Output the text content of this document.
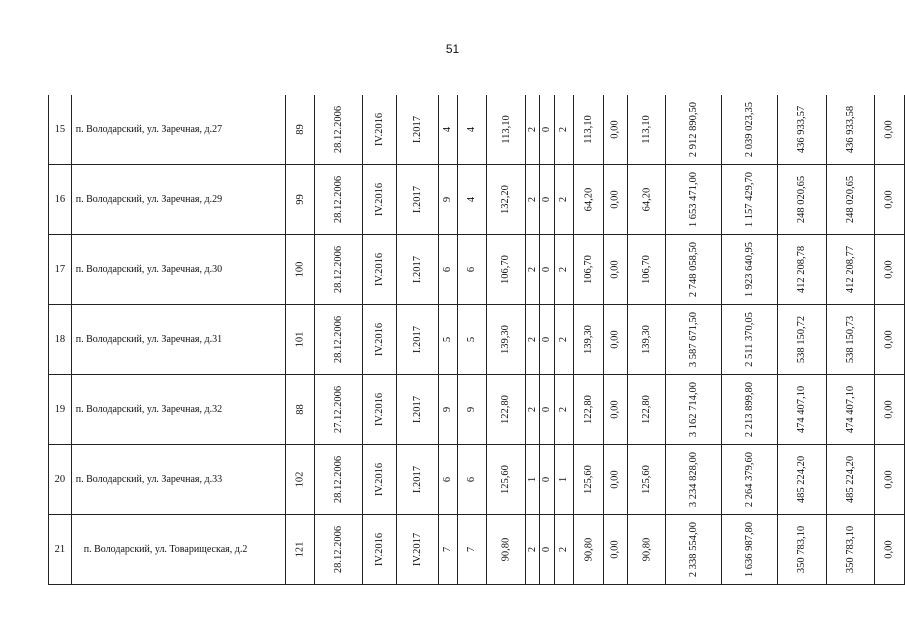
51
15	п. Володарский, ул. Заречная, д.27	89	28.12.2006	IV.2016	I.2017	4	4	113,10	2	0	2	113,10	0,00	113,10	2 912 890,50	2 039 023,35	436 933,57	436 933,58	0,00
16	п. Володарский, ул. Заречная, д.29	99	28.12.2006	IV.2016	I.2017	9	4	132,20	2	0	2	64,20	0,00	64,20	1 653 471,00	1 157 429,70	248 020,65	248 020,65	0,00
17	п. Володарский, ул. Заречная, д.30	100	28.12.2006	IV.2016	I.2017	6	6	106,70	2	0	2	106,70	0,00	106,70	2 748 058,50	1 923 640,95	412 208,78	412 208,77	0,00
18	п. Володарский, ул. Заречная, д.31	101	28.12.2006	IV.2016	I.2017	5	5	139,30	2	0	2	139,30	0,00	139,30	3 587 671,50	2 511 370,05	538 150,72	538 150,73	0,00
19	п. Володарский, ул. Заречная, д.32	88	27.12.2006	IV.2016	I.2017	9	9	122,80	2	0	2	122,80	0,00	122,80	3 162 714,00	2 213 899,80	474 407,10	474 407,10	0,00
20	п. Володарский, ул. Заречная, д.33	102	28.12.2006	IV.2016	I.2017	6	6	125,60	1	0	1	125,60	0,00	125,60	3 234 828,00	2 264 379,60	485 224,20	485 224,20	0,00
21	п. Володарский, ул. Товарищеская, д.2	121	28.12.2006	IV.2016	IV.2017	7	7	90,80	2	0	2	90,80	0,00	90,80	2 338 554,00	1 636 987,80	350 783,10	350 783,10	0,00
